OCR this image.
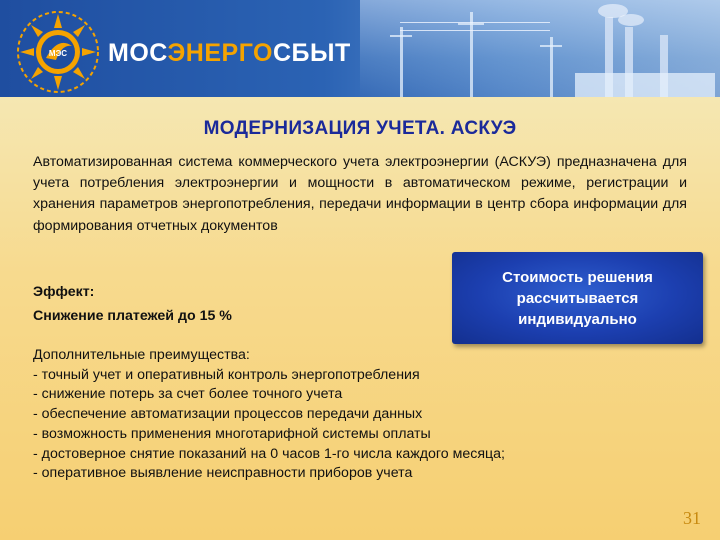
МЭС МОСЭНЕРГОСБЫТ
МОДЕРНИЗАЦИЯ УЧЕТА. АСКУЭ
Автоматизированная система коммерческого учета электроэнергии (АСКУЭ) предназначена для учета потребления электроэнергии и мощности в автоматическом режиме, регистрации и хранения параметров энергопотребления, передачи информации в центр сбора информации для формирования отчетных документов
Эффект:
Снижение платежей до 15 %
Стоимость решения рассчитывается индивидуально
Дополнительные преимущества:
- точный учет и оперативный контроль энергопотребления
- снижение потерь за счет более точного учета
- обеспечение автоматизации процессов передачи данных
- возможность применения многотарифной системы оплаты
- достоверное снятие показаний на 0 часов 1-го числа каждого месяца;
- оперативное выявление неисправности приборов учета
31
